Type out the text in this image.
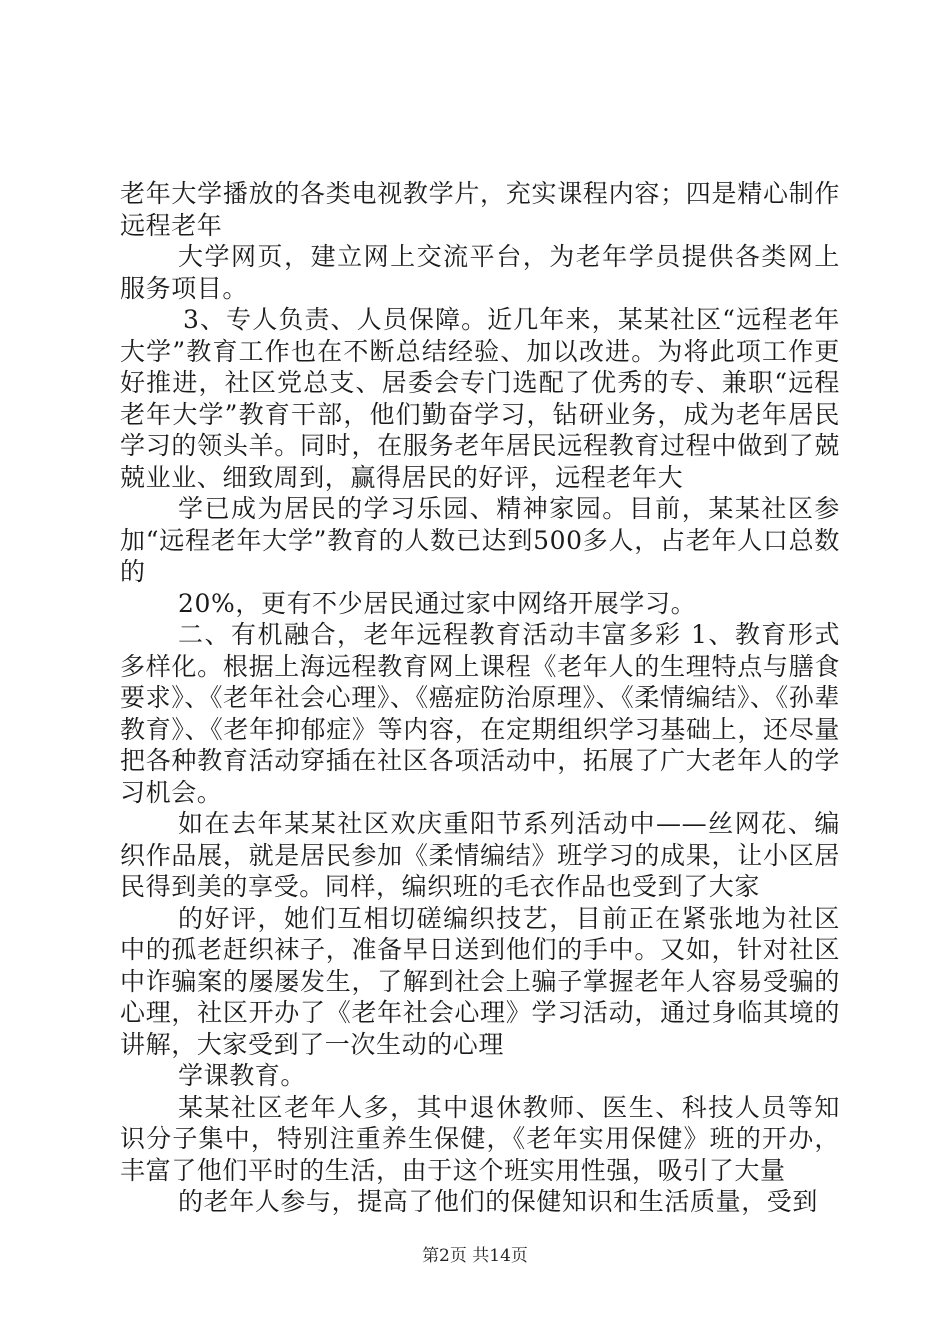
老年大学播放的各类电视教学片，充实课程内容；四是精心制作远程老年

大学网页，建立网上交流平台，为老年学员提供各类网上服务项目。

3、专人负责、人员保障。近几年来，某某社区“远程老年大学”教育工作也在不断总结经验、加以改进。为将此项工作更好推进，社区党总支、居委会专门选配了优秀的专、兼职“远程老年大学”教育干部，他们勤奋学习，钻研业务，成为老年居民学习的领头羊。同时，在服务老年居民远程教育过程中做到了兢兢业业、细致周到，赢得居民的好评，远程老年大

学已成为居民的学习乐园、精神家园。目前，某某社区参加“远程老年大学”教育的人数已达到500多人，占老年人口总数的

20%，更有不少居民通过家中网络开展学习。

二、有机融合，老年远程教育活动丰富多彩 1、教育形式多样化。根据上海远程教育网上课程《老年人的生理特点与膳食要求》、《老年社会心理》、《癌症防治原理》、《柔情编结》、《孙辈教育》、《老年抑郁症》等内容，在定期组织学习基础上，还尽量把各种教育活动穿插在社区各项活动中，拓展了广大老年人的学习机会。

如在去年某某社区欢庆重阳节系列活动中——丝网花、编织作品展，就是居民参加《柔情编结》班学习的成果，让小区居民得到美的享受。同样，编织班的毛衣作品也受到了大家

的好评，她们互相切磋编织技艺，目前正在紧张地为社区中的孤老赶织袜子，准备早日送到他们的手中。又如，针对社区中诈骗案的屡屡发生，了解到社会上骗子掌握老年人容易受骗的心理，社区开办了《老年社会心理》学习活动，通过身临其境的讲解，大家受到了一次生动的心理

学课教育。

某某社区老年人多，其中退休教师、医生、科技人员等知识分子集中，特别注重养生保健，《老年实用保健》班的开办，丰富了他们平时的生活，由于这个班实用性强，吸引了大量

的老年人参与，提高了他们的保健知识和生活质量，受到

第2页 共14页
